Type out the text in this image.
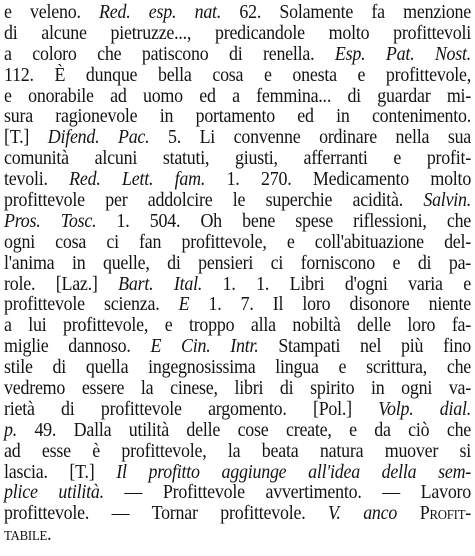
e veleno. Red. esp. nat. 62. Solamente fa menzione
di alcune pietruzze..., predicandole molto profittevoli
a coloro che patiscono di renella. Esp. Pat. Nost.
112. È dunque bella cosa e onesta e profittevole,
e onorabile ad uomo ed a femmina... di guardar mi-
sura ragionevole in portamento ed in contenimento.
[T.] Difend. Pac. 5. Li convenne ordinare nella sua
comunità alcuni statuti, giusti, afferranti e profit-
tevoli. Red. Lett. fam. 1. 270. Medicamento molto
profittevole per addolcire le superchie acidità. Salvin.
Pros. Tosc. 1. 504. Oh bene spese riflessioni, che
ogni cosa ci fan profittevole, e coll'abituazione del-
l'anima in quelle, di pensieri ci forniscono e di pa-
role. [Laz.] Bart. Ital. 1. 1. Libri d'ogni varia e
profittevole scienza. E 1. 7. Il loro disonore niente
a lui profittevole, e troppo alla nobiltà delle loro fa-
miglie dannoso. E Cin. Intr. Stampati nel più fino
stile di quella ingegnosissima lingua e scrittura, che
vedremo essere la cinese, libri di spirito in ogni va-
rietà di profittevole argomento. [Pol.] Volp. dial.
p. 49. Dalla utilità delle cose create, e da ciò che
ad esse è profittevole, la beata natura muover si
lascia. [T.] Il profitto aggiunge all'idea della sem-
plice utilità. — Profittevole avvertimento. — Lavoro
profittevole. — Tornar profittevole. V. anco Profit-
tabile.
